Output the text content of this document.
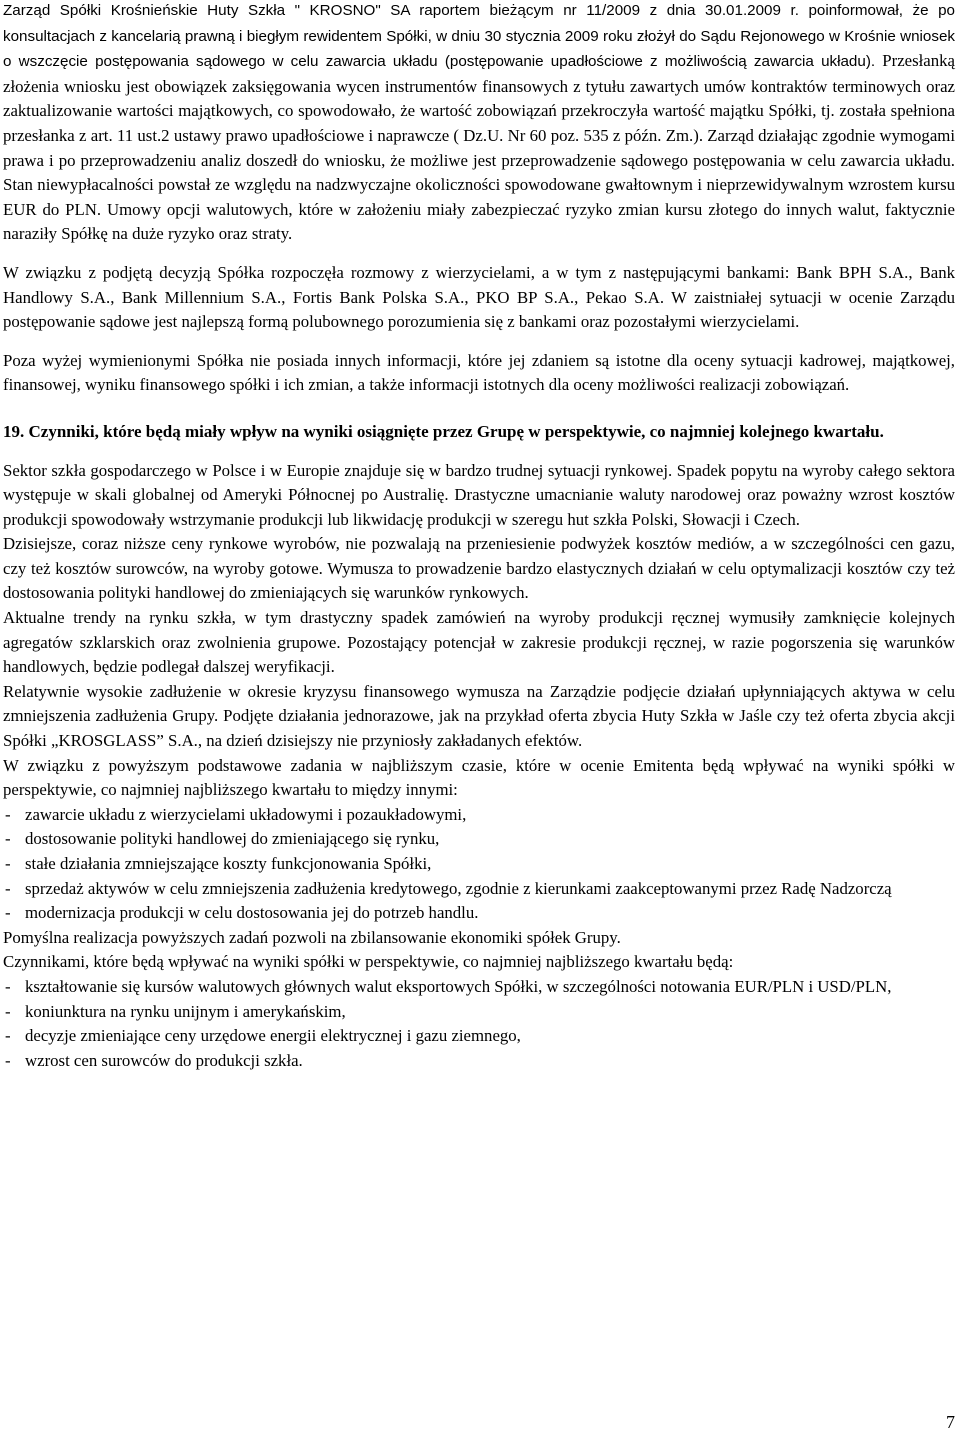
Zarząd Spółki Krośnieńskie Huty Szkła " KROSNO" SA raportem bieżącym nr 11/2009 z dnia 30.01.2009 r. poinformował, że po konsultacjach z kancelarią prawną i biegłym rewidentem Spółki, w dniu 30 stycznia 2009 roku złożył do Sądu Rejonowego w Krośnie wniosek o wszczęcie postępowania sądowego w celu zawarcia układu (postępowanie upadłościowe z możliwością zawarcia układu). Przesłanką złożenia wniosku jest obowiązek zaksięgowania wycen instrumentów finansowych z tytułu zawartych umów kontraktów terminowych oraz zaktualizowanie wartości majątkowych, co spowodowało, że wartość zobowiązań przekroczyła wartość majątku Spółki, tj. została spełniona przesłanka z art. 11 ust.2 ustawy prawo upadłościowe i naprawcze ( Dz.U. Nr 60 poz. 535 z późn. Zm.). Zarząd działając zgodnie wymogami prawa i po przeprowadzeniu analiz doszedł do wniosku, że możliwe jest przeprowadzenie sądowego postępowania w celu zawarcia układu. Stan niewypłacalności powstał ze względu na nadzwyczajne okoliczności spowodowane gwałtownym i nieprzewidywalnym wzrostem kursu EUR do PLN. Umowy opcji walutowych, które w założeniu miały zabezpieczać ryzyko zmian kursu złotego do innych walut, faktycznie naraziły Spółkę na duże ryzyko oraz straty.

W związku z podjętą decyzją Spółka rozpoczęła rozmowy z wierzycielami, a w tym z następującymi bankami: Bank BPH S.A., Bank Handlowy S.A., Bank Millennium S.A., Fortis Bank Polska S.A., PKO BP S.A., Pekao S.A. W zaistniałej sytuacji w ocenie Zarządu postępowanie sądowe jest najlepszą formą polubownego porozumienia się z bankami oraz pozostałymi wierzycielami.

Poza wyżej wymienionymi Spółka nie posiada innych informacji, które jej zdaniem są istotne dla oceny sytuacji kadrowej, majątkowej, finansowej, wyniku finansowego spółki i ich zmian, a także informacji istotnych dla oceny możliwości realizacji zobowiązań.

19. Czynniki, które będą miały wpływ na wyniki osiągnięte przez Grupę w perspektywie, co najmniej kolejnego kwartału.

Sektor szkła gospodarczego w Polsce i w Europie znajduje się w bardzo trudnej sytuacji rynkowej. Spadek popytu na wyroby całego sektora występuje w skali globalnej od Ameryki Północnej po Australię. Drastyczne umacnianie waluty narodowej oraz poważny wzrost kosztów produkcji spowodowały wstrzymanie produkcji lub likwidację produkcji w szeregu hut szkła Polski, Słowacji i Czech.

Dzisiejsze, coraz niższe ceny rynkowe wyrobów, nie pozwalają na przeniesienie podwyżek kosztów mediów, a w szczególności cen gazu, czy też kosztów surowców, na wyroby gotowe. Wymusza to prowadzenie bardzo elastycznych działań w celu optymalizacji kosztów czy też dostosowania polityki handlowej do zmieniających się warunków rynkowych.

Aktualne trendy na rynku szkła, w tym drastyczny spadek zamówień na wyroby produkcji ręcznej wymusiły zamknięcie kolejnych agregatów szklarskich oraz zwolnienia grupowe. Pozostający potencjał w zakresie produkcji ręcznej, w razie pogorszenia się warunków handlowych, będzie podlegał dalszej weryfikacji.

Relatywnie wysokie zadłużenie w okresie kryzysu finansowego wymusza na Zarządzie podjęcie działań upłynniających aktywa w celu zmniejszenia zadłużenia Grupy. Podjęte działania jednorazowe, jak na przykład oferta zbycia Huty Szkła w Jaśle czy też oferta zbycia akcji Spółki „KROSGLASS” S.A., na dzień dzisiejszy nie przyniosły zakładanych efektów.

W związku z powyższym podstawowe zadania w najbliższym czasie, które w ocenie Emitenta będą wpływać na wyniki spółki w perspektywie, co najmniej najbliższego kwartału to między innymi:

- zawarcie układu z wierzycielami układowymi i pozaukładowymi,
- dostosowanie polityki handlowej do zmieniającego się rynku,
- stałe działania zmniejszające koszty funkcjonowania Spółki,
- sprzedaż aktywów w celu zmniejszenia zadłużenia kredytowego, zgodnie z kierunkami zaakceptowanymi przez Radę Nadzorczą
- modernizacja produkcji w celu dostosowania jej do potrzeb handlu.

Pomyślna realizacja powyższych zadań pozwoli na zbilansowanie ekonomiki spółek Grupy.

Czynnikami, które będą wpływać na wyniki spółki w perspektywie, co najmniej najbliższego kwartału będą:

- kształtowanie się kursów walutowych głównych walut eksportowych Spółki, w szczególności notowania EUR/PLN i USD/PLN,
- koniunktura na rynku unijnym i amerykańskim,
- decyzje zmieniające ceny urzędowe energii elektrycznej i gazu ziemnego,
- wzrost cen surowców do produkcji szkła.
7
